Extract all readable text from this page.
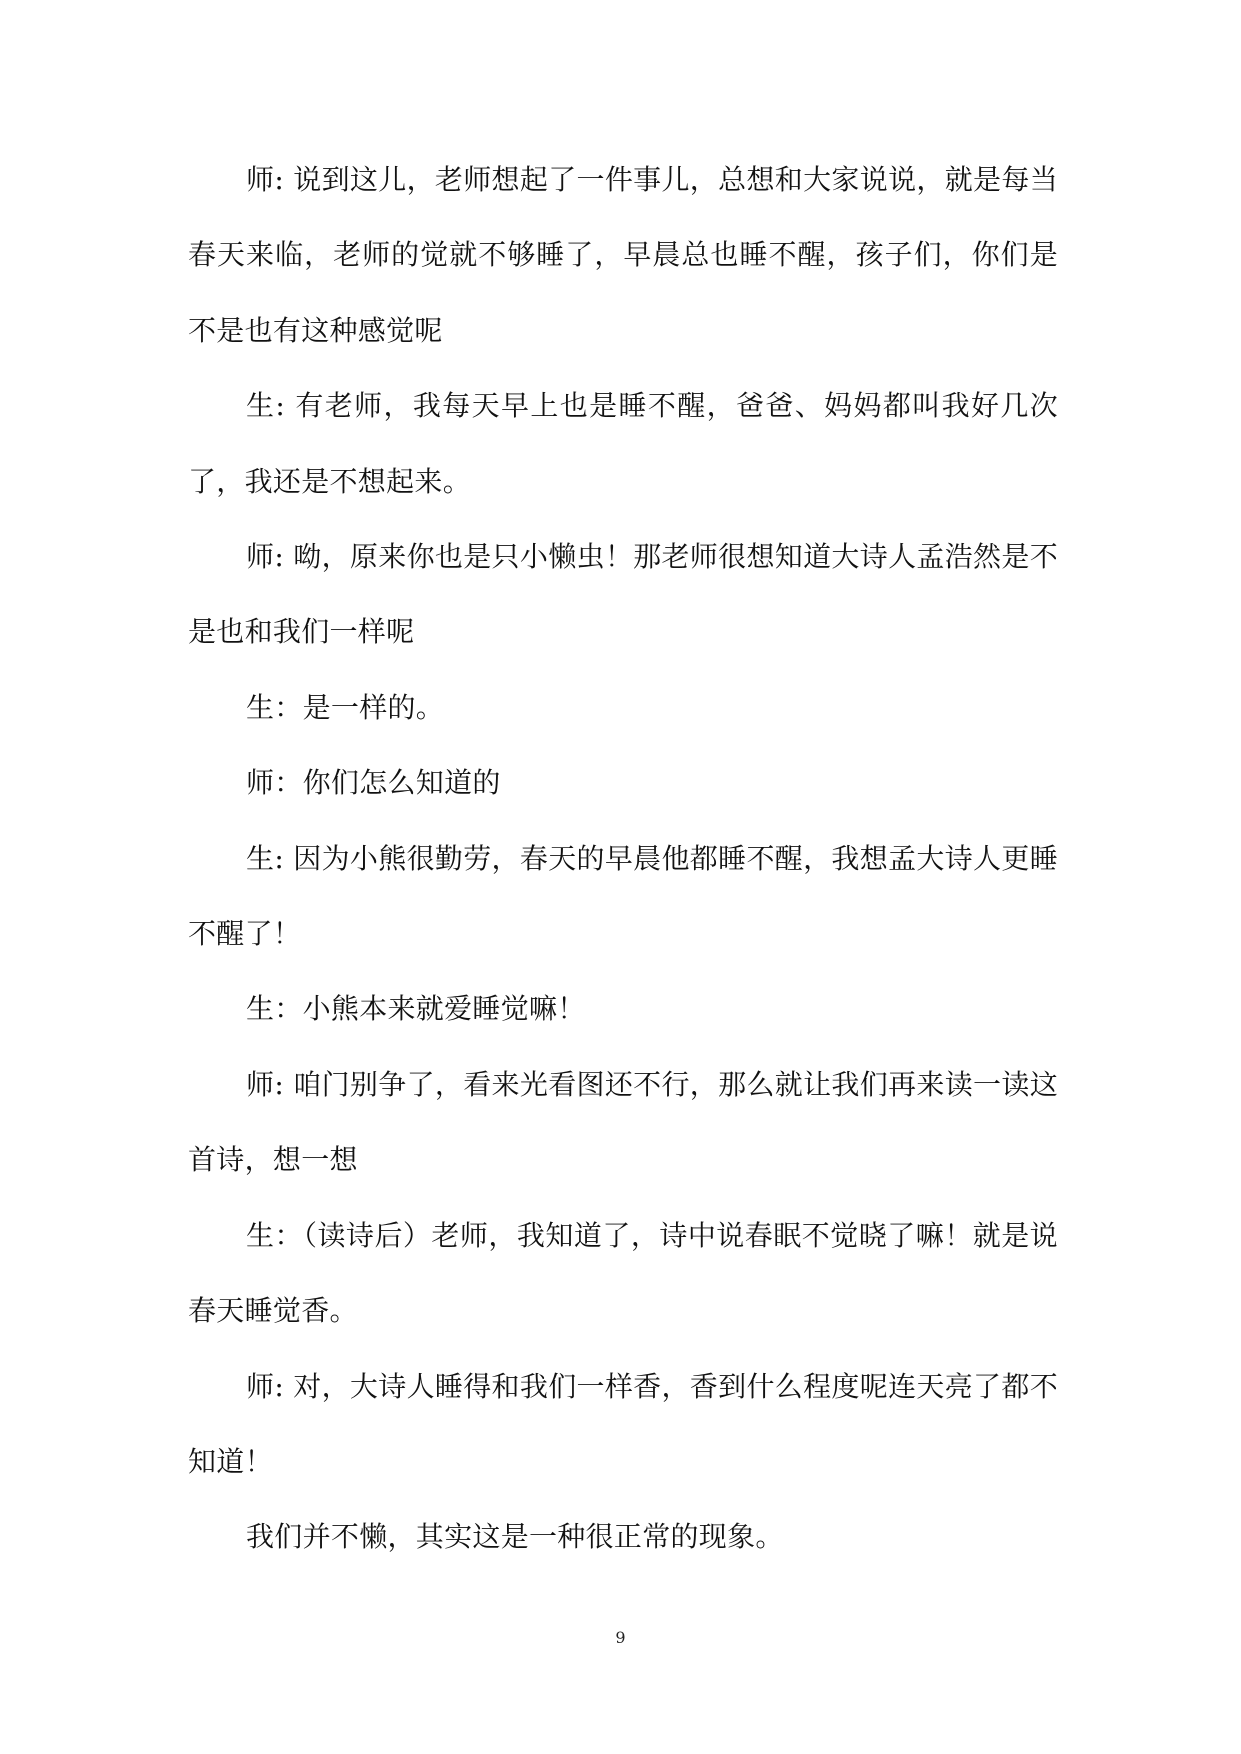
师: 说到这儿，老师想起了一件事儿，总想和大家说说，就是每当春天来临，老师的觉就不够睡了，早晨总也睡不醒，孩子们，你们是不是也有这种感觉呢

生: 有老师，我每天早上也是睡不醒，爸爸、妈妈都叫我好几次了，我还是不想起来。

师: 呦，原来你也是只小懒虫！那老师很想知道大诗人孟浩然是不是也和我们一样呢

生：是一样的。

师：你们怎么知道的

生: 因为小熊很勤劳，春天的早晨他都睡不醒，我想孟大诗人更睡不醒了！

生：小熊本来就爱睡觉嘛！

师: 咱门别争了，看来光看图还不行，那么就让我们再来读一读这首诗，想一想

生：（读诗后）老师，我知道了，诗中说春眠不觉晓了嘛！就是说春天睡觉香。

师: 对，大诗人睡得和我们一样香，香到什么程度呢连天亮了都不知道！

我们并不懒，其实这是一种很正常的现象。

9
